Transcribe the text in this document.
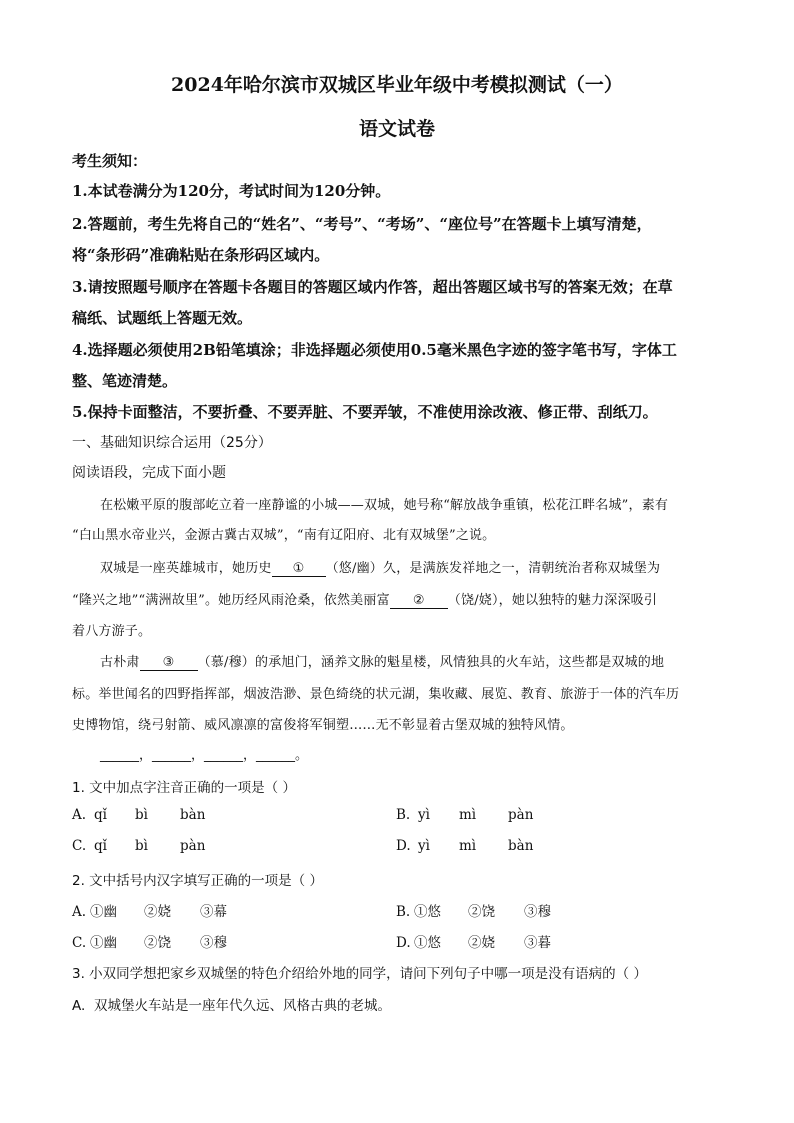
2024年哈尔滨市双城区毕业年级中考模拟测试（一）
语文试卷
考生须知：
1.本试卷满分为120分，考试时间为120分钟。
2.答题前，考生先将自己的“姓名”、“考号”、“考场”、“座位号”在答题卡上填写清楚，
将“条形码”准确粘贴在条形码区域内。
3.请按照题号顺序在答题卡各题目的答题区域内作答，超出答题区域书写的答案无效；在草
稿纸、试题纸上答题无效。
4.选择题必须使用2B铅笔填涂；非选择题必须使用0.5毫米黑色字迹的签字笔书写，字体工
整、笔迹清楚。
5.保持卡面整洁，不要折叠、不要弄脏、不要弄皱，不准使用涂改液、修正带、刮纸刀。
一、基础知识综合运用（25分）
阅读语段，完成下面小题
在松嫩平原的腹部屹立着一座静谧的小城——双城，她号称“解放战争重镇，松花江畔名城”，素有
“白山黑水帝业兴，金源古冀古双城”，“南有辽阳府、北有双城堡”之说。
双城是一座英雄城市，她历史 ① （悠/幽）久，是满族发祥地之一，清朝统治者称双城堡为
“隆兴之地”“满洲故里”。她历经风雨沧桑，依然美丽富 ② （饶/娆），她以独特的魅力深深吸引
着八方游子。
古朴肃 ③ （慕/穆）的承旭门，涵养文脉的魁星楼，风情独具的火车站，这些都是双城的地
标。举世闻名的四野指挥部，烟波浩渺、景色绮绕的状元湖，集收藏、展览、教育、旅游于一体的汽车历
史博物馆，绕弓射箭、威风凛凛的富俊将军铜塑……无不彰显着古堡双城的独特风情。
______，______，______，______。
1. 文中加点字注音正确的一项是（ ）
A. qǐ bì bàn	B. yì mì pàn
C. qǐ bì pàn	D. yì mì bàn
2. 文中括号内汉字填写正确的一项是（ ）
A. ①幽 ②娆 ③幕	B. ①悠 ②饶 ③穆
C. ①幽 ②饶 ③穆	D. ①悠 ②娆 ③暮
3. 小双同学想把家乡双城堡的特色介绍给外地的同学，请问下列句子中哪一项是没有语病的（ ）
A. 双城堡火车站是一座年代久远、风格古典的老城。
